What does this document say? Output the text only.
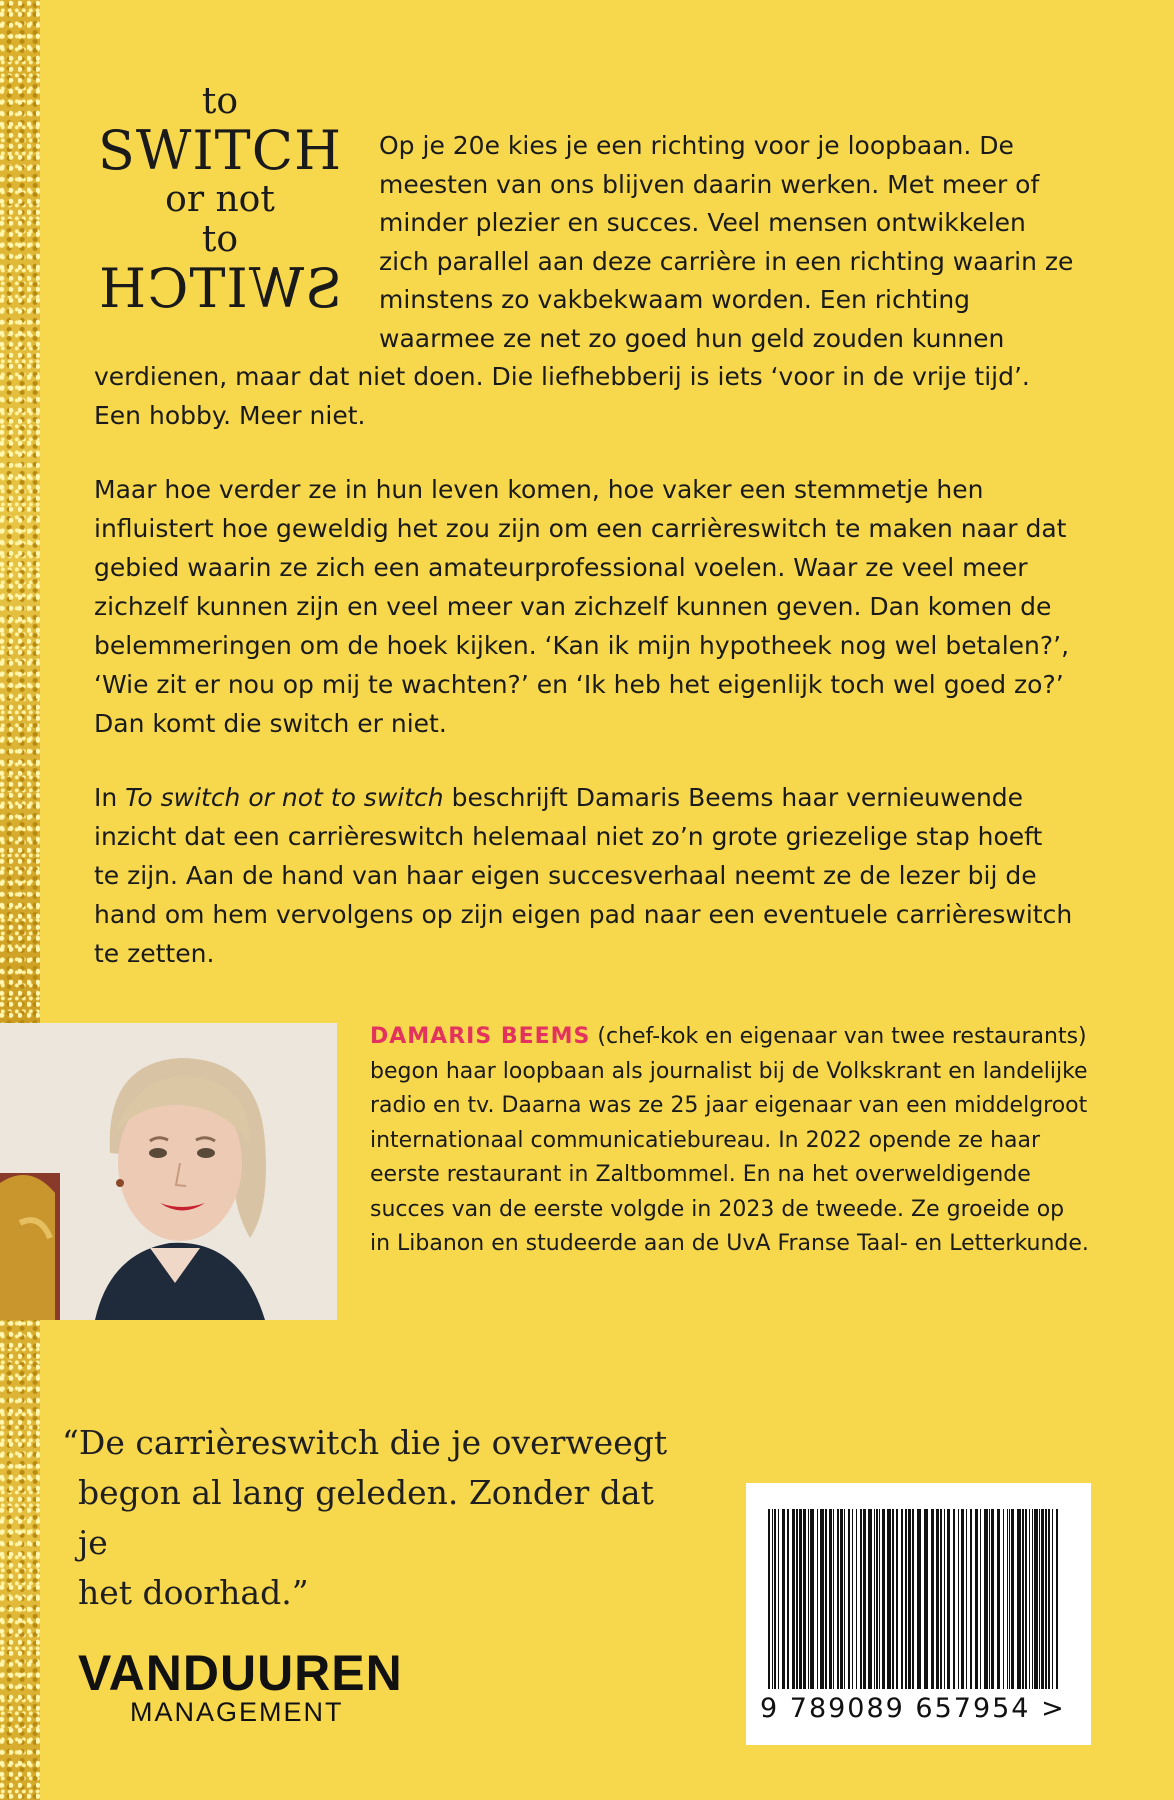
to
SWITCH
or not
to
SWITCH
Op je 20e kies je een richting voor je loopbaan. De meesten van ons blijven daarin werken. Met meer of minder plezier en succes. Veel mensen ontwikkelen zich parallel aan deze carrière in een richting waarin ze minstens zo vakbekwaam worden. Een richting waarmee ze net zo goed hun geld zouden kunnen verdienen, maar dat niet doen. Die liefhebberij is iets ‘voor in de vrije tijd’. Een hobby. Meer niet.
Maar hoe verder ze in hun leven komen, hoe vaker een stemmetje hen influistert hoe geweldig het zou zijn om een carrièreswitch te maken naar dat gebied waarin ze zich een amateurprofessional voelen. Waar ze veel meer zichzelf kunnen zijn en veel meer van zichzelf kunnen geven. Dan komen de belemmeringen om de hoek kijken. ‘Kan ik mijn hypotheek nog wel betalen?’, ‘Wie zit er nou op mij te wachten?’ en ‘Ik heb het eigenlijk toch wel goed zo?’ Dan komt die switch er niet.
In To switch or not to switch beschrijft Damaris Beems haar vernieuwende inzicht dat een carrièreswitch helemaal niet zo’n grote griezelige stap hoeft te zijn. Aan de hand van haar eigen succesverhaal neemt ze de lezer bij de hand om hem vervolgens op zijn eigen pad naar een eventuele carrièreswitch te zetten.
DAMARIS BEEMS (chef-kok en eigenaar van twee restaurants) begon haar loopbaan als journalist bij de Volkskrant en landelijke radio en tv. Daarna was ze 25 jaar eigenaar van een middelgroot internationaal communicatiebureau. In 2022 opende ze haar eerste restaurant in Zaltbommel. En na het overweldigende succes van de eerste volgde in 2023 de tweede. Ze groeide op in Libanon en studeerde aan de UvA Franse Taal- en Letterkunde.
“De carrièreswitch die je overweegt
begon al lang geleden. Zonder dat je
het doorhad.”
VANDUUREN
MANAGEMENT	9 789089 657954 >
